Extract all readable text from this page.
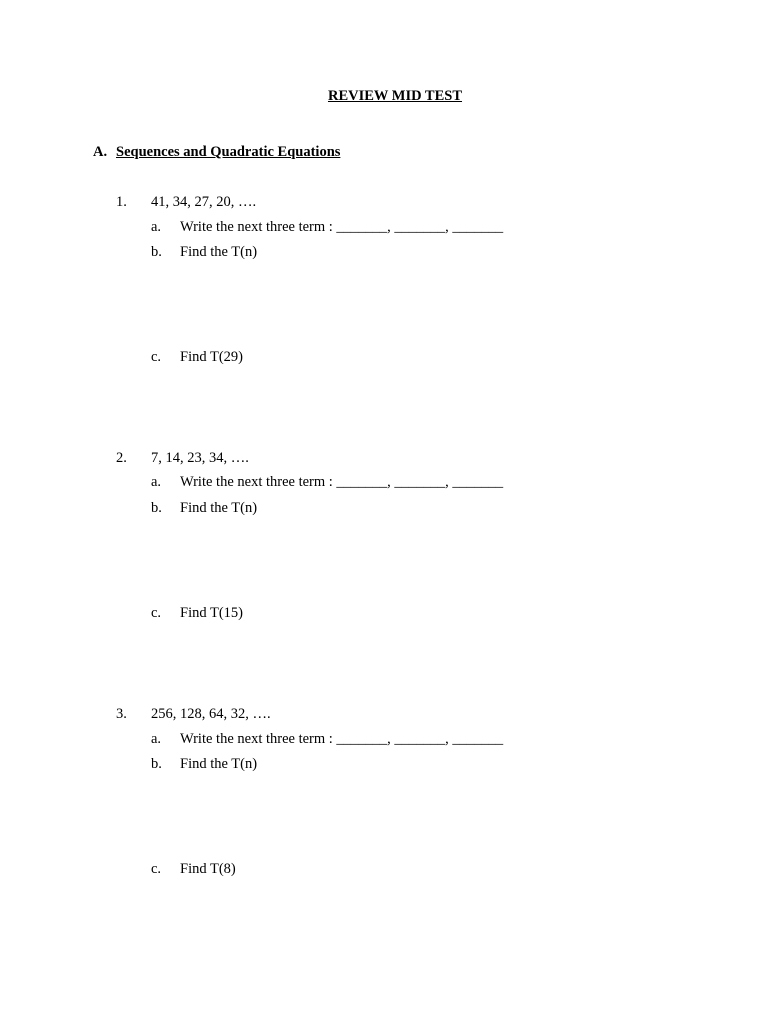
REVIEW MID TEST
A. Sequences and Quadratic Equations
1. 41, 34, 27, 20, ….
a. Write the next three term : _______, _______, _______
b. Find the T(n)
c. Find T(29)
2. 7, 14, 23, 34, ….
a. Write the next three term : _______, _______, _______
b. Find the T(n)
c. Find T(15)
3. 256, 128, 64, 32, ….
a. Write the next three term : _______, _______, _______
b. Find the T(n)
c. Find T(8)
